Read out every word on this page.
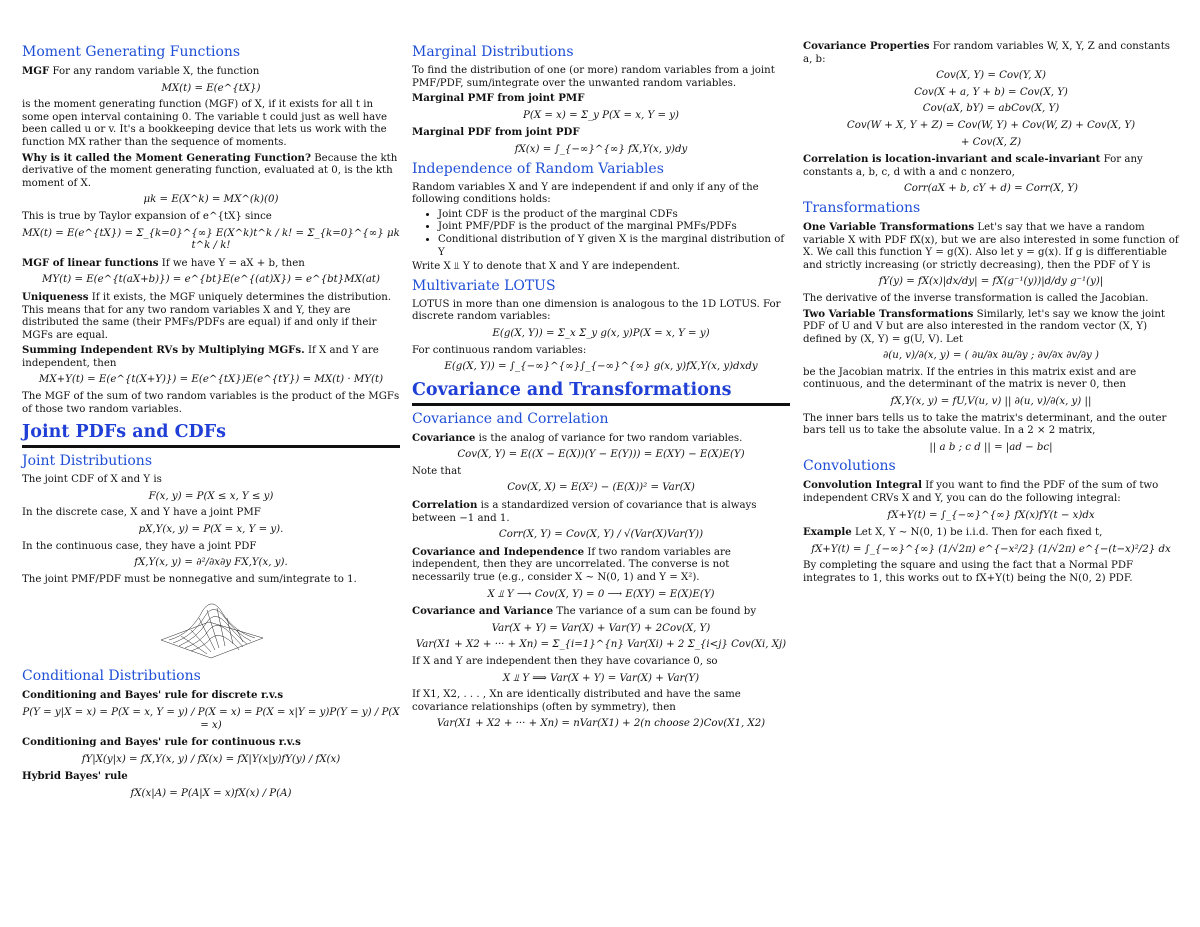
Moment Generating Functions

MGF For any random variable X, the function

MX(t) = E(e^{tX})

is the moment generating function (MGF) of X, if it exists for all t in some open interval containing 0. The variable t could just as well have been called u or v. It's a bookkeeping device that lets us work with the function MX rather than the sequence of moments.

Why is it called the Moment Generating Function? Because the kth derivative of the moment generating function, evaluated at 0, is the kth moment of X.

μk = E(X^k) = MX^(k)(0)

This is true by Taylor expansion of e^{tX} since

MX(t) = E(e^{tX}) = Σ_{k=0}^{∞} E(X^k)t^k / k! = Σ_{k=0}^{∞} μk t^k / k!

MGF of linear functions If we have Y = aX + b, then

MY(t) = E(e^{t(aX+b)}) = e^{bt}E(e^{(at)X}) = e^{bt}MX(at)

Uniqueness If it exists, the MGF uniquely determines the distribution. This means that for any two random variables X and Y, they are distributed the same (their PMFs/PDFs are equal) if and only if their MGFs are equal.

Summing Independent RVs by Multiplying MGFs. If X and Y are independent, then

MX+Y(t) = E(e^{t(X+Y)}) = E(e^{tX})E(e^{tY}) = MX(t) · MY(t)

The MGF of the sum of two random variables is the product of the MGFs of those two random variables.

Joint PDFs and CDFs
Joint Distributions

The joint CDF of X and Y is

F(x, y) = P(X ≤ x, Y ≤ y)

In the discrete case, X and Y have a joint PMF

pX,Y(x, y) = P(X = x, Y = y).

In the continuous case, they have a joint PDF

fX,Y(x, y) = ∂²/∂x∂y FX,Y(x, y).

The joint PMF/PDF must be nonnegative and sum/integrate to 1.

Conditional Distributions

Conditioning and Bayes' rule for discrete r.v.s

P(Y = y|X = x) = P(X = x, Y = y) / P(X = x) = P(X = x|Y = y)P(Y = y) / P(X = x)

Conditioning and Bayes' rule for continuous r.v.s

fY|X(y|x) = fX,Y(x, y) / fX(x) = fX|Y(x|y)fY(y) / fX(x)

Hybrid Bayes' rule

fX(x|A) = P(A|X = x)fX(x) / P(A)
Marginal Distributions

To find the distribution of one (or more) random variables from a joint PMF/PDF, sum/integrate over the unwanted random variables.

Marginal PMF from joint PMF

P(X = x) = Σ_y P(X = x, Y = y)

Marginal PDF from joint PDF

fX(x) = ∫_{−∞}^{∞} fX,Y(x, y)dy
Independence of Random Variables

Random variables X and Y are independent if and only if any of the following conditions holds:

• Joint CDF is the product of the marginal CDFs
• Joint PMF/PDF is the product of the marginal PMFs/PDFs
• Conditional distribution of Y given X is the marginal distribution of Y

Write X ⫫ Y to denote that X and Y are independent.

Multivariate LOTUS

LOTUS in more than one dimension is analogous to the 1D LOTUS. For discrete random variables:

E(g(X, Y)) = Σ_x Σ_y g(x, y)P(X = x, Y = y)

For continuous random variables:

E(g(X, Y)) = ∫_{−∞}^{∞}∫_{−∞}^{∞} g(x, y)fX,Y(x, y)dxdy
Covariance and Transformations
Covariance and Correlation

Covariance is the analog of variance for two random variables.

Cov(X, Y) = E((X − E(X))(Y − E(Y))) = E(XY) − E(X)E(Y)

Note that

Cov(X, X) = E(X²) − (E(X))² = Var(X)

Correlation is a standardized version of covariance that is always between −1 and 1.

Corr(X, Y) = Cov(X, Y) / √(Var(X)Var(Y))

Covariance and Independence If two random variables are independent, then they are uncorrelated. The converse is not necessarily true (e.g., consider X ∼ N(0, 1) and Y = X²).

X ⫫ Y ⟶ Cov(X, Y) = 0 ⟶ E(XY) = E(X)E(Y)

Covariance and Variance The variance of a sum can be found by

Var(X + Y) = Var(X) + Var(Y) + 2Cov(X, Y)
Var(X1 + X2 + ··· + Xn) = Σ_{i=1}^{n} Var(Xi) + 2 Σ_{i<j} Cov(Xi, Xj)

If X and Y are independent then they have covariance 0, so

X ⫫ Y ⟹ Var(X + Y) = Var(X) + Var(Y)

If X1, X2, . . . , Xn are identically distributed and have the same covariance relationships (often by symmetry), then

Var(X1 + X2 + ··· + Xn) = nVar(X1) + 2(n choose 2)Cov(X1, X2)

Covariance Properties For random variables W, X, Y, Z and constants a, b:

Cov(X, Y) = Cov(Y, X)
Cov(X + a, Y + b) = Cov(X, Y)
Cov(aX, bY) = abCov(X, Y)
Cov(W + X, Y + Z) = Cov(W, Y) + Cov(W, Z) + Cov(X, Y)
+ Cov(X, Z)

Correlation is location-invariant and scale-invariant For any constants a, b, c, d with a and c nonzero,

Corr(aX + b, cY + d) = Corr(X, Y)
Transformations

One Variable Transformations Let's say that we have a random variable X with PDF fX(x), but we are also interested in some function of X. We call this function Y = g(X). Also let y = g(x). If g is differentiable and strictly increasing (or strictly decreasing), then the PDF of Y is

fY(y) = fX(x)|dx/dy| = fX(g⁻¹(y))|d/dy g⁻¹(y)|

The derivative of the inverse transformation is called the Jacobian.

Two Variable Transformations Similarly, let's say we know the joint PDF of U and V but are also interested in the random vector (X, Y) defined by (X, Y) = g(U, V). Let

∂(u, v)/∂(x, y) = ( ∂u/∂x ∂u/∂y ; ∂v/∂x ∂v/∂y )

be the Jacobian matrix. If the entries in this matrix exist and are continuous, and the determinant of the matrix is never 0, then

fX,Y(x, y) = fU,V(u, v) || ∂(u, v)/∂(x, y) ||

The inner bars tells us to take the matrix's determinant, and the outer bars tell us to take the absolute value. In a 2 × 2 matrix,

|| a b ; c d || = |ad − bc|
Convolutions

Convolution Integral If you want to find the PDF of the sum of two independent CRVs X and Y, you can do the following integral:

fX+Y(t) = ∫_{−∞}^{∞} fX(x)fY(t − x)dx

Example Let X, Y ∼ N(0, 1) be i.i.d. Then for each fixed t,

fX+Y(t) = ∫_{−∞}^{∞} (1/√2π) e^{−x²/2} (1/√2π) e^{−(t−x)²/2} dx

By completing the square and using the fact that a Normal PDF integrates to 1, this works out to fX+Y(t) being the N(0, 2) PDF.
